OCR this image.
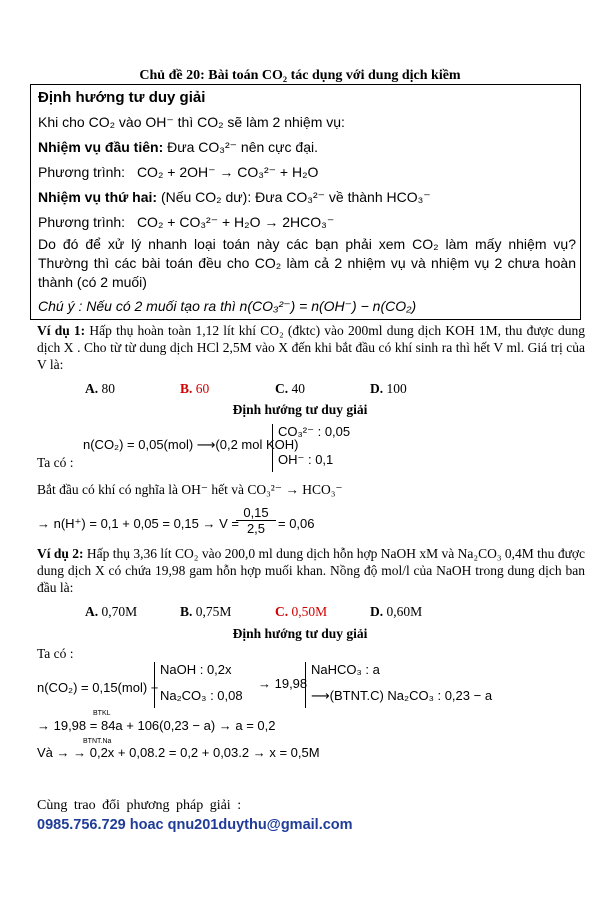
Chủ đề 20: Bài toán CO₂ tác dụng với dung dịch kiềm
Định hướng tư duy giải
Khi cho CO₂ vào OH⁻ thì CO₂ sẽ làm 2 nhiệm vụ:
Nhiệm vụ đầu tiên: Đưa CO₃²⁻ nên cực đại.
Phương trình: CO₂ + 2OH⁻ → CO₃²⁻ + H₂O
Nhiệm vụ thứ hai: (Nếu CO₂ dư): Đưa CO₃²⁻ về thành HCO₃⁻
Phương trình: CO₂ + CO₃²⁻ + H₂O → 2HCO₃⁻
Do đó để xử lý nhanh loại toán này các bạn phải xem CO₂ làm mấy nhiệm vụ? Thường thì các bài toán đều cho CO₂ làm cả 2 nhiệm vụ và nhiệm vụ 2 chưa hoàn thành (có 2 muối)
Chú ý : Nếu có 2 muối tạo ra thì n(CO₃²⁻) = n(OH⁻) − n(CO₂)
Ví dụ 1: Hấp thụ hoàn toàn 1,12 lít khí CO₂ (đktc) vào 200ml dung dịch KOH 1M, thu được dung dịch X . Cho từ từ dung dịch HCl 2,5M vào X đến khi bắt đầu có khí sinh ra thì hết V ml. Giá trị của V là:
A. 80	B. 60	C. 40	D. 100
Định hướng tư duy giải
Ta có :
n(CO₂) = 0,05(mol) ⟶(0,2 mol KOH)
CO₃²⁻ : 0,05
OH⁻ : 0,1
Bắt đầu có khí có nghĩa là OH⁻ hết và CO₃²⁻ → HCO₃⁻
→ n(H⁺) = 0,1 + 0,05 = 0,15 → V =
$\frac{0,15}{2,5} = 0,06$
Ví dụ 2: Hấp thụ 3,36 lít CO₂ vào 200,0 ml dung dịch hỗn hợp NaOH xM và Na₂CO₃ 0,4M thu được dung dịch X có chứa 19,98 gam hỗn hợp muối khan. Nồng độ mol/l của NaOH trong dung dịch ban đầu là:
A. 0,70M	B. 0,75M	C. 0,50M	D. 0,60M
Định hướng tư duy giải
Ta có :
n(CO₂) = 0,15(mol) +
NaOH : 0,2x
Na₂CO₃ : 0,08
→ 19,98
NaHCO₃ : a
⟶(BTNT.C) Na₂CO₃ : 0,23 − a
BTKL
→ 19,98 = 84a + 106(0,23 − a) → a = 0,2
BTNT.Na
Và → → 0,2x + 0,08.2 = 0,2 + 0,03.2 → x = 0,5M
Cùng trao đổi phương pháp giải :
0985.756.729 hoac qnu201duythu@gmail.com
